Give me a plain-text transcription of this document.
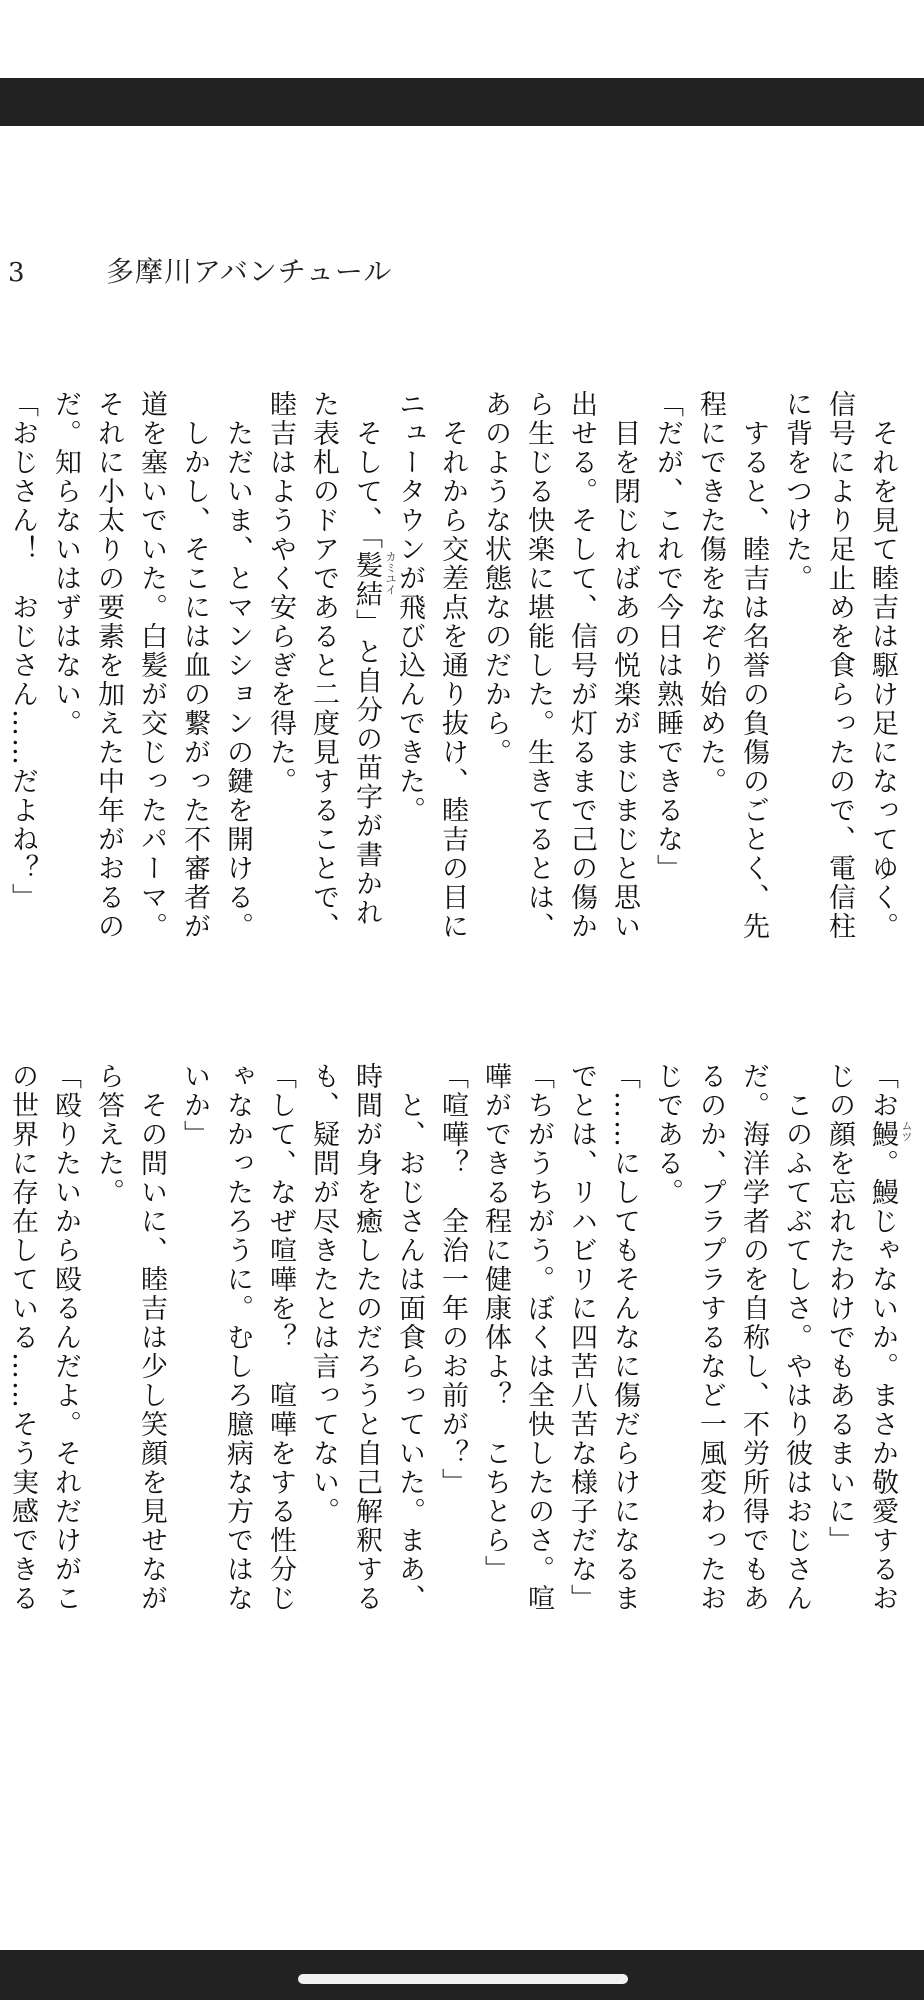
3	多摩川アバンチュール

　それを見て睦吉は駆け足になってゆく。信号により足止めを食らったので、電信柱に背をつけた。

　すると、睦吉は名誉の負傷のごとく、先程にできた傷をなぞり始めた。

「だが、これで今日は熟睡できるな」

　目を閉じればあの悦楽がまじまじと思い出せる。そして、信号が灯るまで己の傷から生じる快楽に堪能した。生きてるとは、あのような状態なのだから。

　それから交差点を通り抜け、睦吉の目にニュータウンが飛び込んできた。

　そして、「髪結 カミユイ
」と自分の苗字が書かれた表札のドアであると二度見することで、睦吉はようやく安らぎを得た。

　ただいま、とマンションの鍵を開ける。

　しかし、そこには血の繋がった不審者が道を塞いでいた。白髪が交じったパーマ。それに小太りの要素を加えた中年がおるのだ。知らないはずはない。

「おじさん！　おじさん……だよね？」

「お鰻 ムツ
。鰻じゃないか。まさか敬愛するおじの顔を忘れたわけでもあるまいに」

　このふてぶてしさ。やはり彼はおじさんだ。海洋学者のを自称し、不労所得でもあるのか、プラプラするなど一風変わったおじである。

「……にしてもそんなに傷だらけになるまでとは、リハビリに四苦八苦な様子だな」

「ちがうちがう。ぼくは全快したのさ。喧嘩ができる程に健康体よ？　こちとら」

「喧嘩？　全治一年のお前が？」

　と、おじさんは面食らっていた。まあ、時間が身を癒したのだろうと自己解釈するも、疑問が尽きたとは言ってない。

「して、なぜ喧嘩を？　喧嘩をする性分じゃなかったろうに。むしろ臆病な方ではないか」

　その問いに、睦吉は少し笑顔を見せながら答えた。

「殴りたいから殴るんだよ。それだけがこの世界に存在している……そう実感できる
